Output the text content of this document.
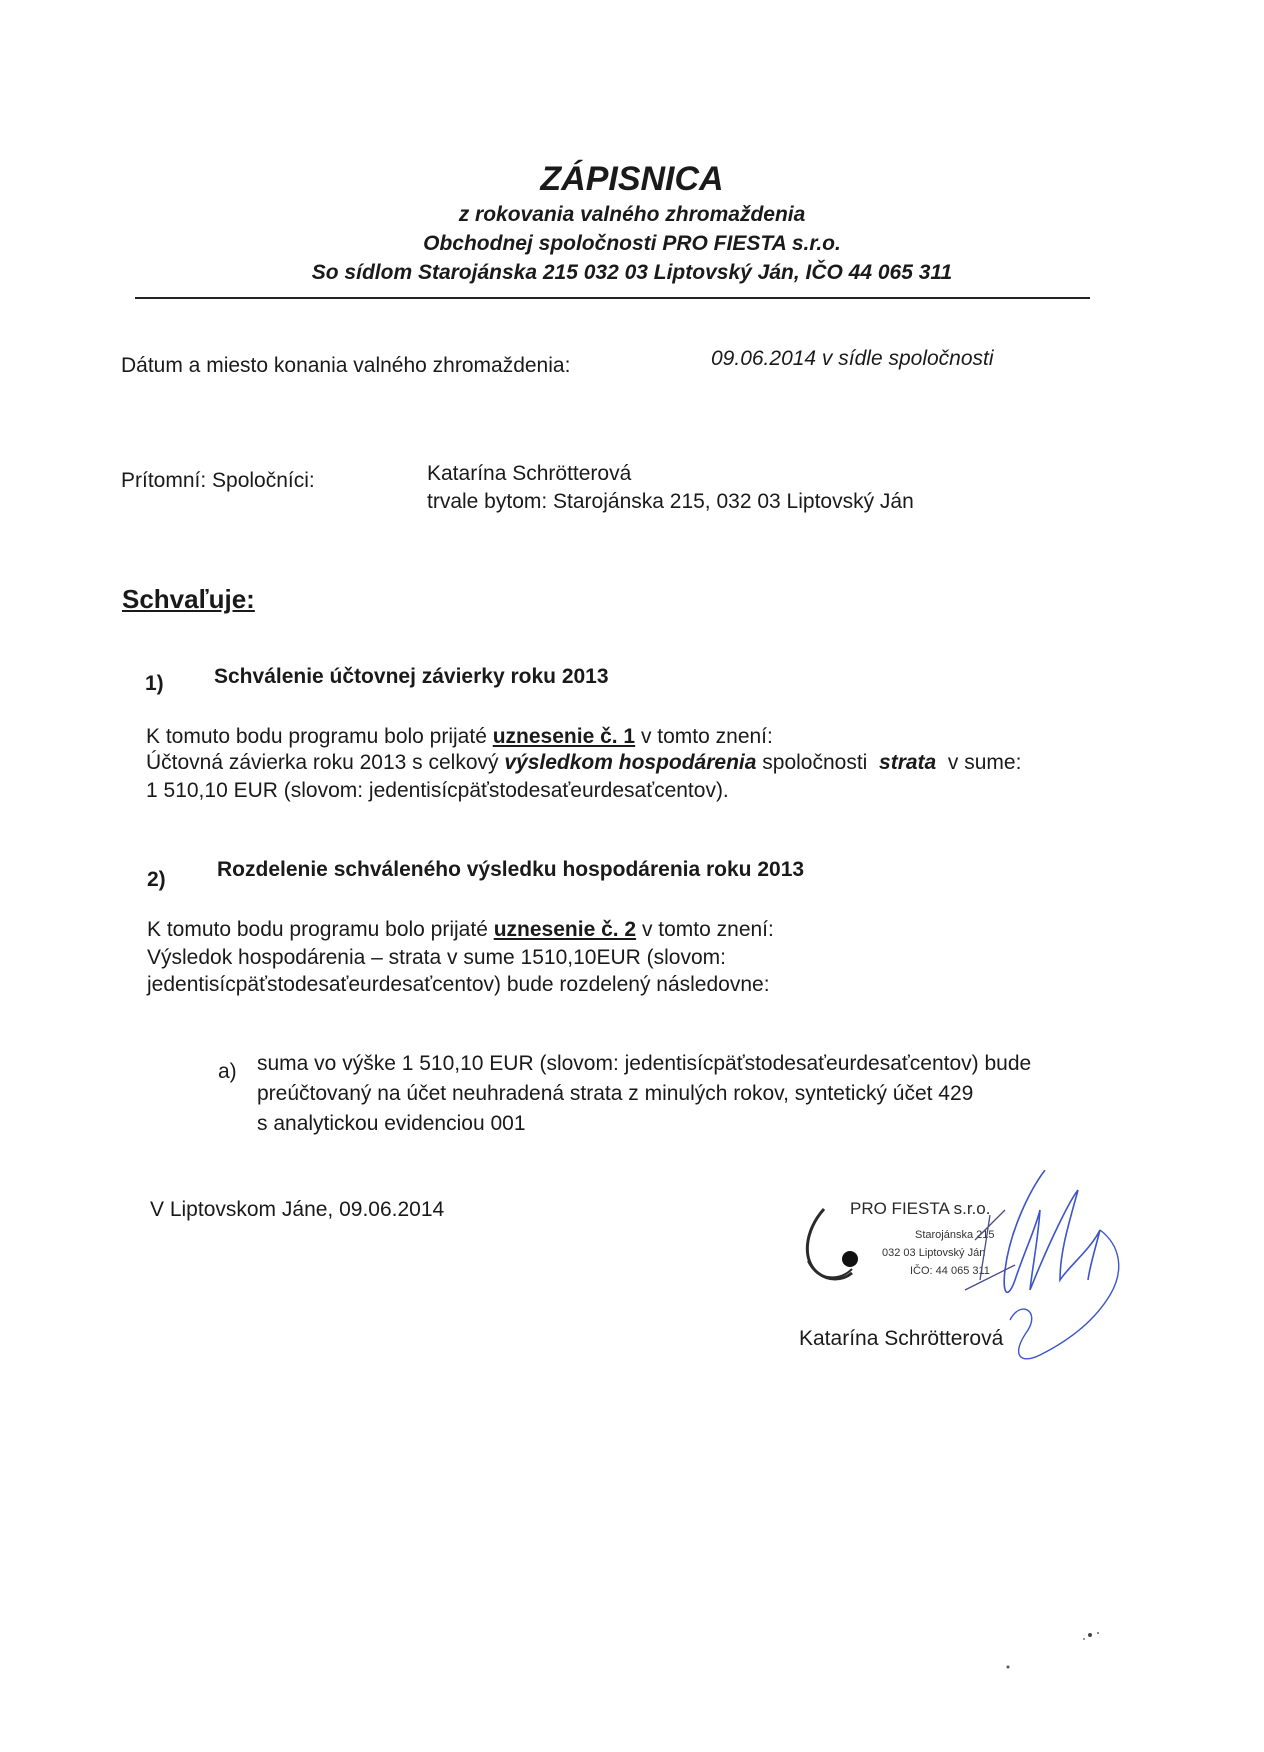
ZÁPISNICA
z rokovania valného zhromaždenia
Obchodnej spoločnosti PRO FIESTA s.r.o.
So sídlom Starojánska 215 032 03 Liptovský Ján, IČO 44 065 311
Dátum a miesto konania valného zhromaždenia:	09.06.2014 v sídle spoločnosti
Prítomní: Spoločníci:	Katarína Schrötterová
trvale bytom: Starojánska 215, 032 03 Liptovský Ján
Schvaľuje:
1) Schválenie účtovnej závierky roku 2013
K tomuto bodu programu bolo prijaté uznesenie č. 1 v tomto znení:
Účtovná závierka roku 2013 s celkový výsledkom hospodárenia spoločnosti  strata  v sume:
1 510,10 EUR (slovom: jedentisícpäťstodesaťeurdesaťcentov).
2) Rozdelenie schváleného výsledku hospodárenia roku 2013
K tomuto bodu programu bolo prijaté uznesenie č. 2 v tomto znení:
Výsledok hospodárenia – strata v sume 1510,10EUR (slovom:
jedentisícpäťstodesaťeurdesaťcentov) bude rozdelený následovne:
a) suma vo výške 1 510,10 EUR (slovom: jedentisícpäťstodesaťeurdesaťcentov) bude
preúčtovaný na účet neuhradená strata z minulých rokov, syntetický účet 429
s analytickou evidenciou 001
V Liptovskom Jáne, 09.06.2014	PRO FIESTA s.r.o.
Starojánska 215
032 03 Liptovský Ján
IČO: 44 065 311
Katarína Schrötterová
